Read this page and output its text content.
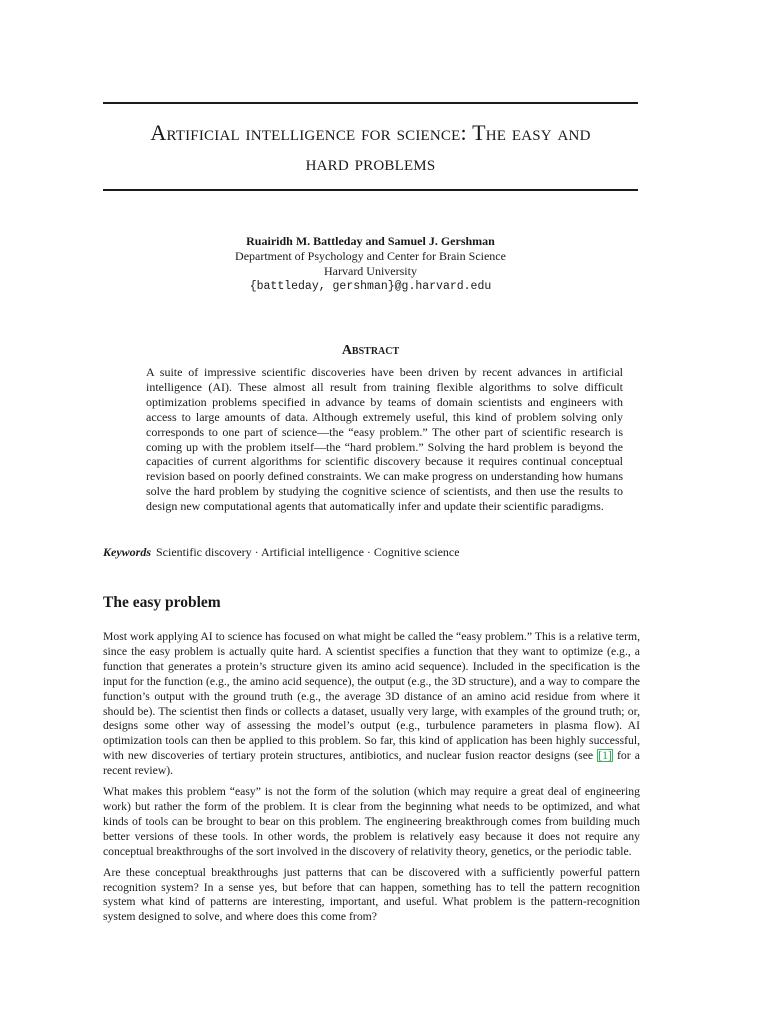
Artificial intelligence for science: The easy and
hard problems
Ruairidh M. Battleday and Samuel J. Gershman
Department of Psychology and Center for Brain Science
Harvard University
{battleday, gershman}@g.harvard.edu
Abstract

A suite of impressive scientific discoveries have been driven by recent advances in artificial intelligence (AI). These almost all result from training flexible algorithms to solve difficult optimization problems specified in advance by teams of domain scientists and engineers with access to large amounts of data. Although extremely useful, this kind of problem solving only corresponds to one part of science—the “easy problem.” The other part of scientific research is coming up with the problem itself—the “hard problem.” Solving the hard problem is beyond the capacities of current algorithms for scientific discovery because it requires continual conceptual revision based on poorly defined constraints. We can make progress on understanding how humans solve the hard problem by studying the cognitive science of scientists, and then use the results to design new computational agents that automatically infer and update their scientific paradigms.

Keywords Scientific discovery · Artificial intelligence · Cognitive science

The easy problem

Most work applying AI to science has focused on what might be called the “easy problem.” This is a relative term, since the easy problem is actually quite hard. A scientist specifies a function that they want to optimize (e.g., a function that generates a protein’s structure given its amino acid sequence). Included in the specification is the input for the function (e.g., the amino acid sequence), the output (e.g., the 3D structure), and a way to compare the function’s output with the ground truth (e.g., the average 3D distance of an amino acid residue from where it should be). The scientist then finds or collects a dataset, usually very large, with examples of the ground truth; or, designs some other way of assessing the model’s output (e.g., turbulence parameters in plasma flow). AI optimization tools can then be applied to this problem. So far, this kind of application has been highly successful, with new discoveries of tertiary protein structures, antibiotics, and nuclear fusion reactor designs (see [1] for a recent review).

What makes this problem “easy” is not the form of the solution (which may require a great deal of engineering work) but rather the form of the problem. It is clear from the beginning what needs to be optimized, and what kinds of tools can be brought to bear on this problem. The engineering breakthrough comes from building much better versions of these tools. In other words, the problem is relatively easy because it does not require any conceptual breakthroughs of the sort involved in the discovery of relativity theory, genetics, or the periodic table.

Are these conceptual breakthroughs just patterns that can be discovered with a sufficiently powerful pattern recognition system? In a sense yes, but before that can happen, something has to tell the pattern recognition system what kind of patterns are interesting, important, and useful. What problem is the pattern-recognition system designed to solve, and where does this come from?
